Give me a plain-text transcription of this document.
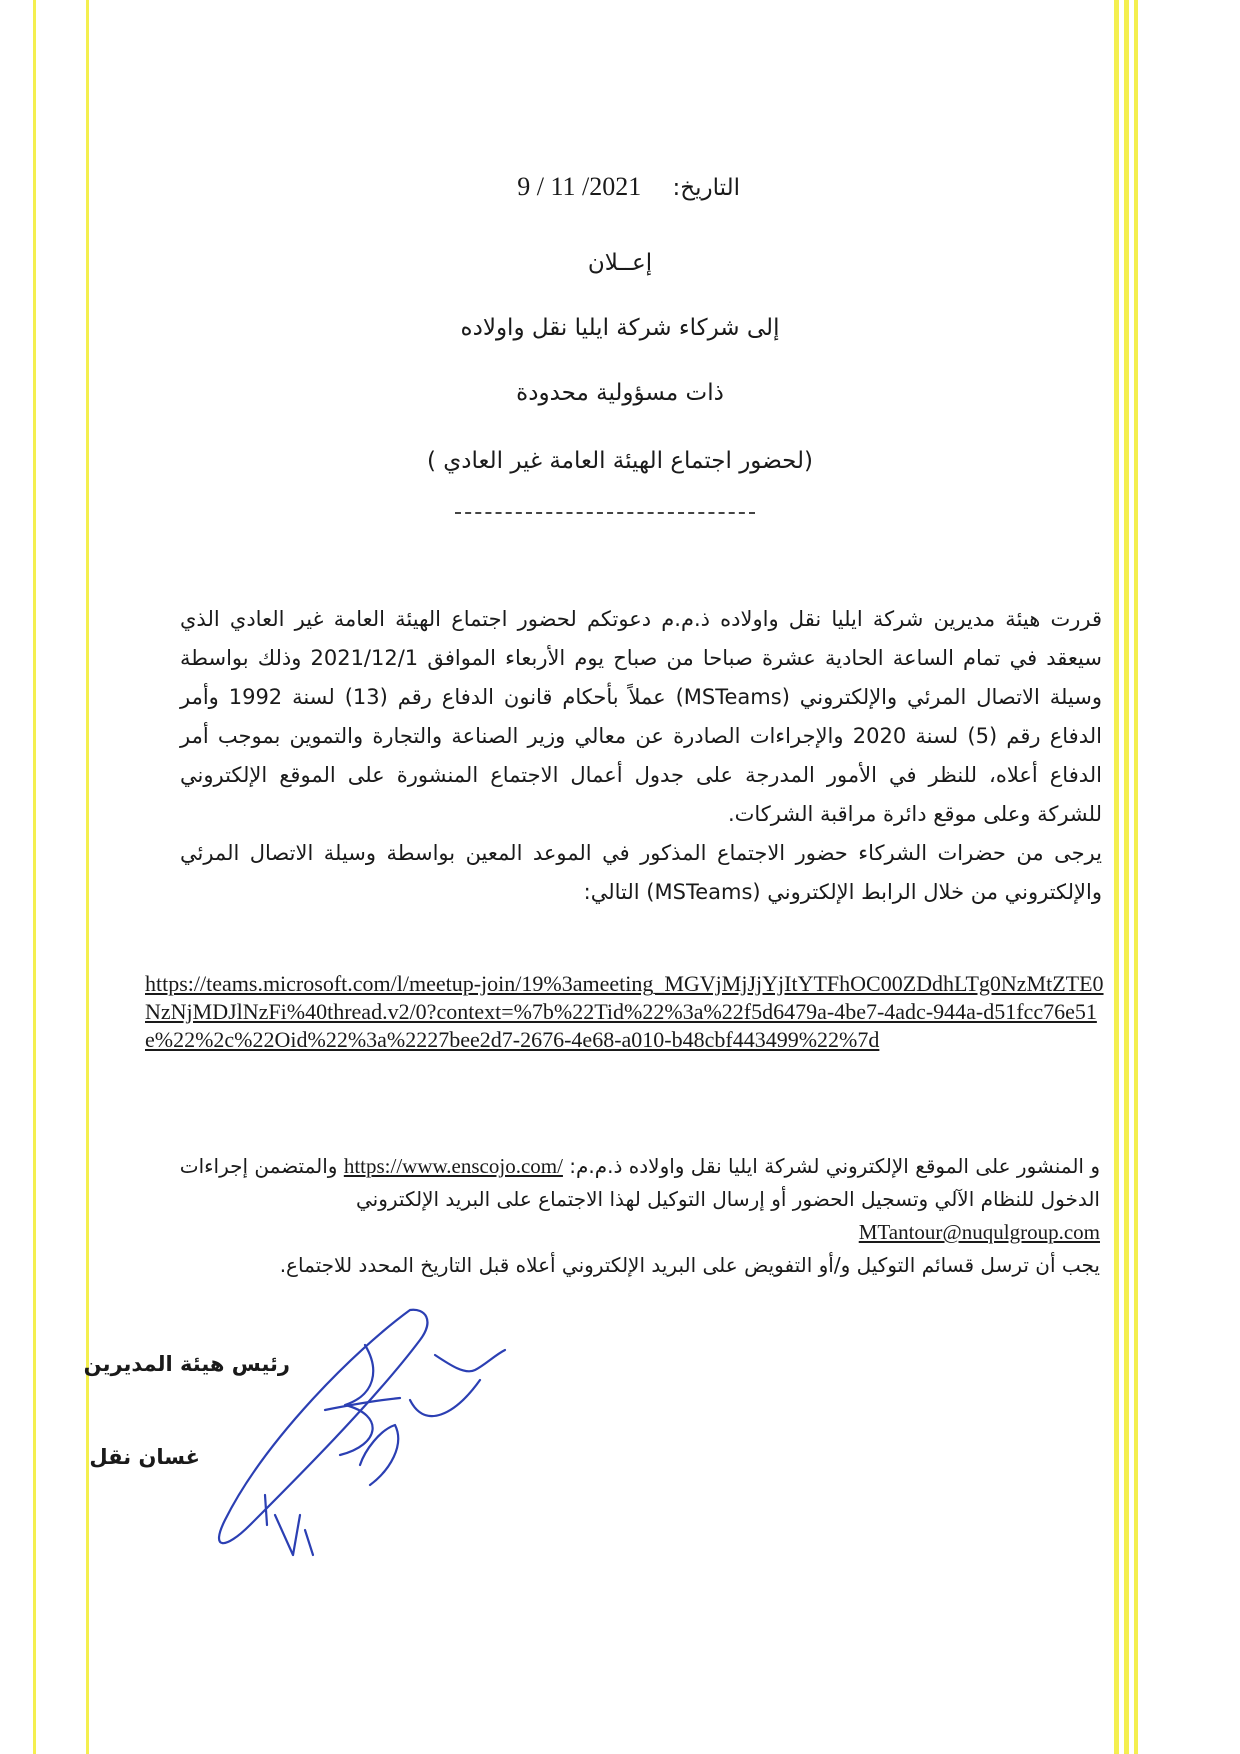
التاريخ: 9 / 11 /2021
إعــلان
إلى شركاء شركة ايليا نقل واولاده
ذات مسؤولية محدودة
(لحضور اجتماع الهيئة العامة غير العادي )

قررت هيئة مديرين شركة ايليا نقل واولاده ذ.م.م دعوتكم لحضور اجتماع الهيئة العامة غير العادي الذي سيعقد في تمام الساعة الحادية عشرة صباحا من صباح يوم الأربعاء الموافق 2021/12/1 وذلك بواسطة وسيلة الاتصال المرئي والإلكتروني (MSTeams) عملاً بأحكام قانون الدفاع رقم (13) لسنة 1992 وأمر الدفاع رقم (5) لسنة 2020 والإجراءات الصادرة عن معالي وزير الصناعة والتجارة والتموين بموجب أمر الدفاع أعلاه، للنظر في الأمور المدرجة على جدول أعمال الاجتماع المنشورة على الموقع الإلكتروني للشركة وعلى موقع دائرة مراقبة الشركات.

يرجى من حضرات الشركاء حضور الاجتماع المذكور في الموعد المعين بواسطة وسيلة الاتصال المرئي والإلكتروني من خلال الرابط الإلكتروني (MSTeams) التالي:

https://teams.microsoft.com/l/meetup-join/19%3ameeting_MGVjMjJjYjItYTFhOC00ZDdhLTg0NzMtZTE0NzNjMDJlNzFi%40thread.v2/0?context=%7b%22Tid%22%3a%22f5d6479a-4be7-4adc-944a-d51fcc76e51e%22%2c%22Oid%22%3a%2227bee2d7-2676-4e68-a010-b48cbf443499%22%7d

و المنشور على الموقع الإلكتروني لشركة ايليا نقل واولاده ذ.م.م: https://www.enscojo.com/ والمتضمن إجراءات الدخول للنظام الآلي وتسجيل الحضور أو إرسال التوكيل لهذا الاجتماع على البريد الإلكتروني

MTantour@nuqulgroup.com

يجب أن ترسل قسائم التوكيل و/أو التفويض على البريد الإلكتروني أعلاه قبل التاريخ المحدد للاجتماع.

رئيس هيئة المديرين
غسان نقل
